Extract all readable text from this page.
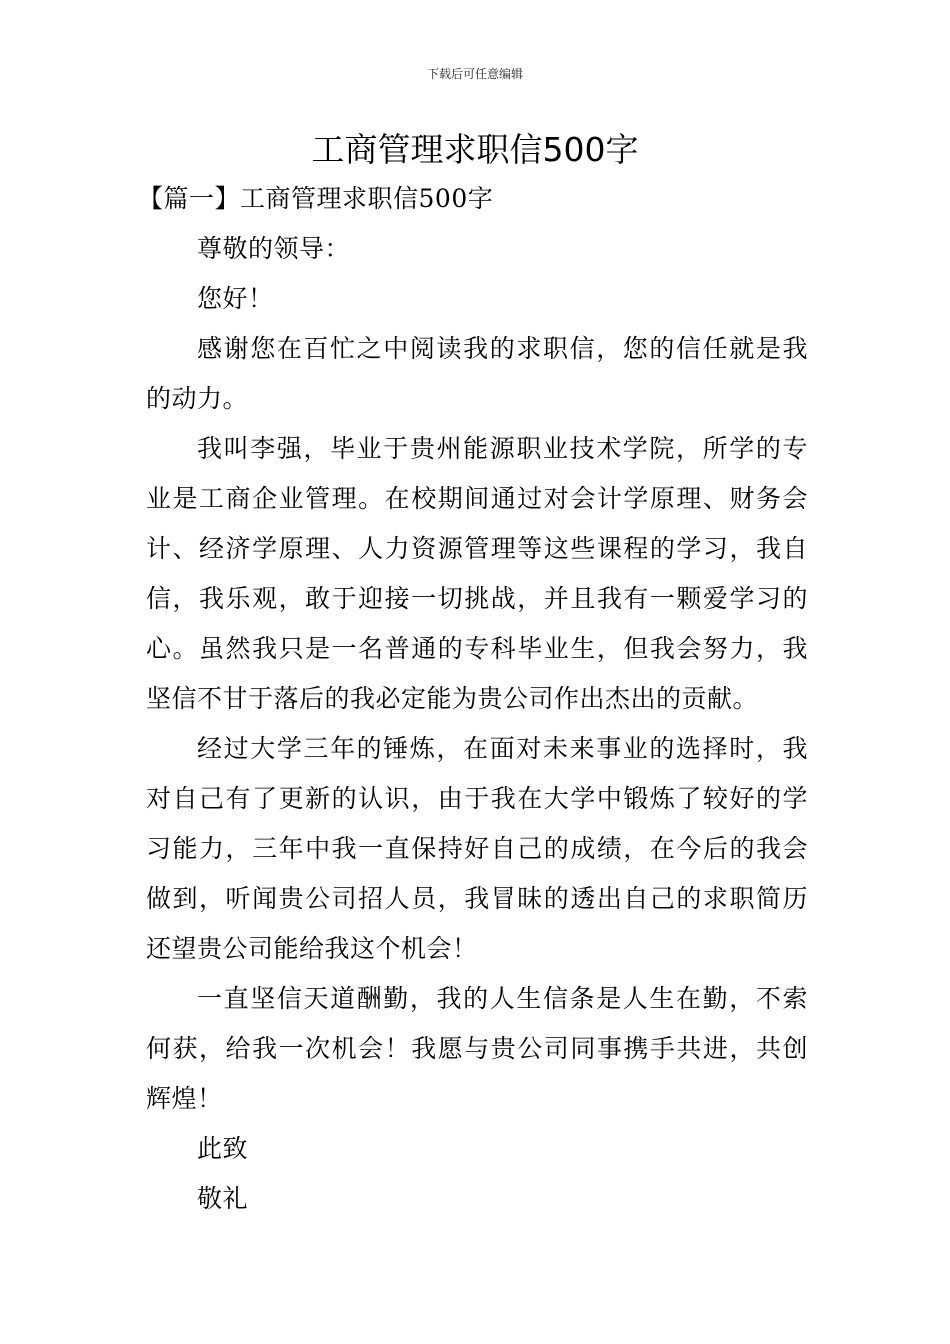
下载后可任意编辑
工商管理求职信500字

【篇一】工商管理求职信500字

尊敬的领导：

您好！

感谢您在百忙之中阅读我的求职信，您的信任就是我的动力。

我叫李强，毕业于贵州能源职业技术学院，所学的专业是工商企业管理。在校期间通过对会计学原理、财务会计、经济学原理、人力资源管理等这些课程的学习，我自信，我乐观，敢于迎接一切挑战，并且我有一颗爱学习的心。虽然我只是一名普通的专科毕业生，但我会努力，我坚信不甘于落后的我必定能为贵公司作出杰出的贡献。

经过大学三年的锤炼，在面对未来事业的选择时，我对自己有了更新的认识，由于我在大学中锻炼了较好的学习能力，三年中我一直保持好自己的成绩，在今后的我会做到，听闻贵公司招人员，我冒昧的透出自己的求职简历还望贵公司能给我这个机会！

一直坚信天道酬勤，我的人生信条是人生在勤，不索何获，给我一次机会！我愿与贵公司同事携手共进，共创辉煌！

此致

敬礼
